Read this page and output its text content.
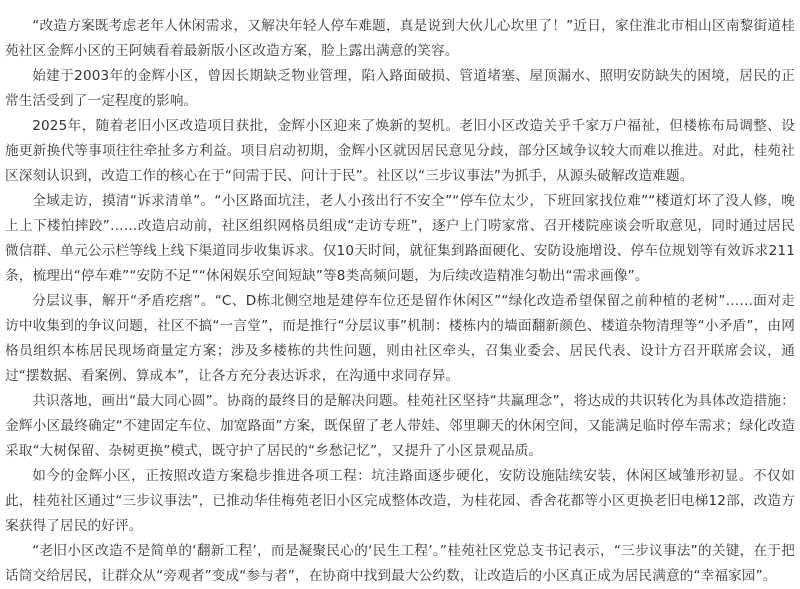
“改造方案既考虑老年人休闲需求，又解决年轻人停车难题，真是说到大伙儿心坎里了！”近日，家住淮北市相山区南黎街道桂苑社区金辉小区的王阿姨看着最新版小区改造方案，脸上露出满意的笑容。

始建于2003年的金辉小区，曾因长期缺乏物业管理，陷入路面破损、管道堵塞、屋顶漏水、照明安防缺失的困境，居民的正常生活受到了一定程度的影响。

2025年，随着老旧小区改造项目获批，金辉小区迎来了焕新的契机。老旧小区改造关乎千家万户福祉，但楼栋布局调整、设施更新换代等事项往往牵扯多方利益。项目启动初期，金辉小区就因居民意见分歧，部分区域争议较大而难以推进。对此，桂苑社区深刻认识到，改造工作的核心在于“问需于民、问计于民”。社区以“三步议事法”为抓手，从源头破解改造难题。

全域走访，摸清“诉求清单”。“小区路面坑洼，老人小孩出行不安全”“停车位太少，下班回家找位难”“楼道灯坏了没人修，晚上上下楼怕摔跤”……改造启动前，社区组织网格员组成“走访专班”，逐户上门唠家常、召开楼院座谈会听取意见，同时通过居民微信群、单元公示栏等线上线下渠道同步收集诉求。仅10天时间，就征集到路面硬化、安防设施增设、停车位规划等有效诉求211条，梳理出“停车难”“安防不足”“休闲娱乐空间短缺”等8类高频问题，为后续改造精准匀勒出“需求画像”。

分层议事，解开“矛盾疙瘩”。“C、D栋北侧空地是建停车位还是留作休闲区”“绿化改造希望保留之前种植的老树”……面对走访中收集到的争议问题，社区不搞“一言堂”，而是推行“分层议事”机制：楼栋内的墙面翻新颜色、楼道杂物清理等“小矛盾”，由网格员组织本栋居民现场商量定方案；涉及多楼栋的共性问题，则由社区牵头，召集业委会、居民代表、设计方召开联席会议，通过“摆数据、看案例、算成本”，让各方充分表达诉求，在沟通中求同存异。

共识落地，画出“最大同心圆”。协商的最终目的是解决问题。桂苑社区坚持“共赢理念”，将达成的共识转化为具体改造措施：金辉小区最终确定“不建固定车位、加宽路面”方案，既保留了老人带娃、邻里聊天的休闲空间，又能满足临时停车需求；绿化改造采取“大树保留、杂树更换”模式，既守护了居民的“乡愁记忆”，又提升了小区景观品质。

如今的金辉小区，正按照改造方案稳步推进各项工程：坑洼路面逐步硬化，安防设施陆续安装，休闲区域雏形初显。不仅如此，桂苑社区通过“三步议事法”，已推动华佳梅苑老旧小区完成整体改造，为桂花园、香舍花都等小区更换老旧电梯12部，改造方案获得了居民的好评。

“老旧小区改造不是简单的‘翻新工程’，而是凝聚民心的‘民生工程’。”桂苑社区党总支书记表示，“三步议事法”的关键，在于把话筒交给居民，让群众从“旁观者”变成“参与者”，在协商中找到最大公约数，让改造后的小区真正成为居民满意的“幸福家园”。
